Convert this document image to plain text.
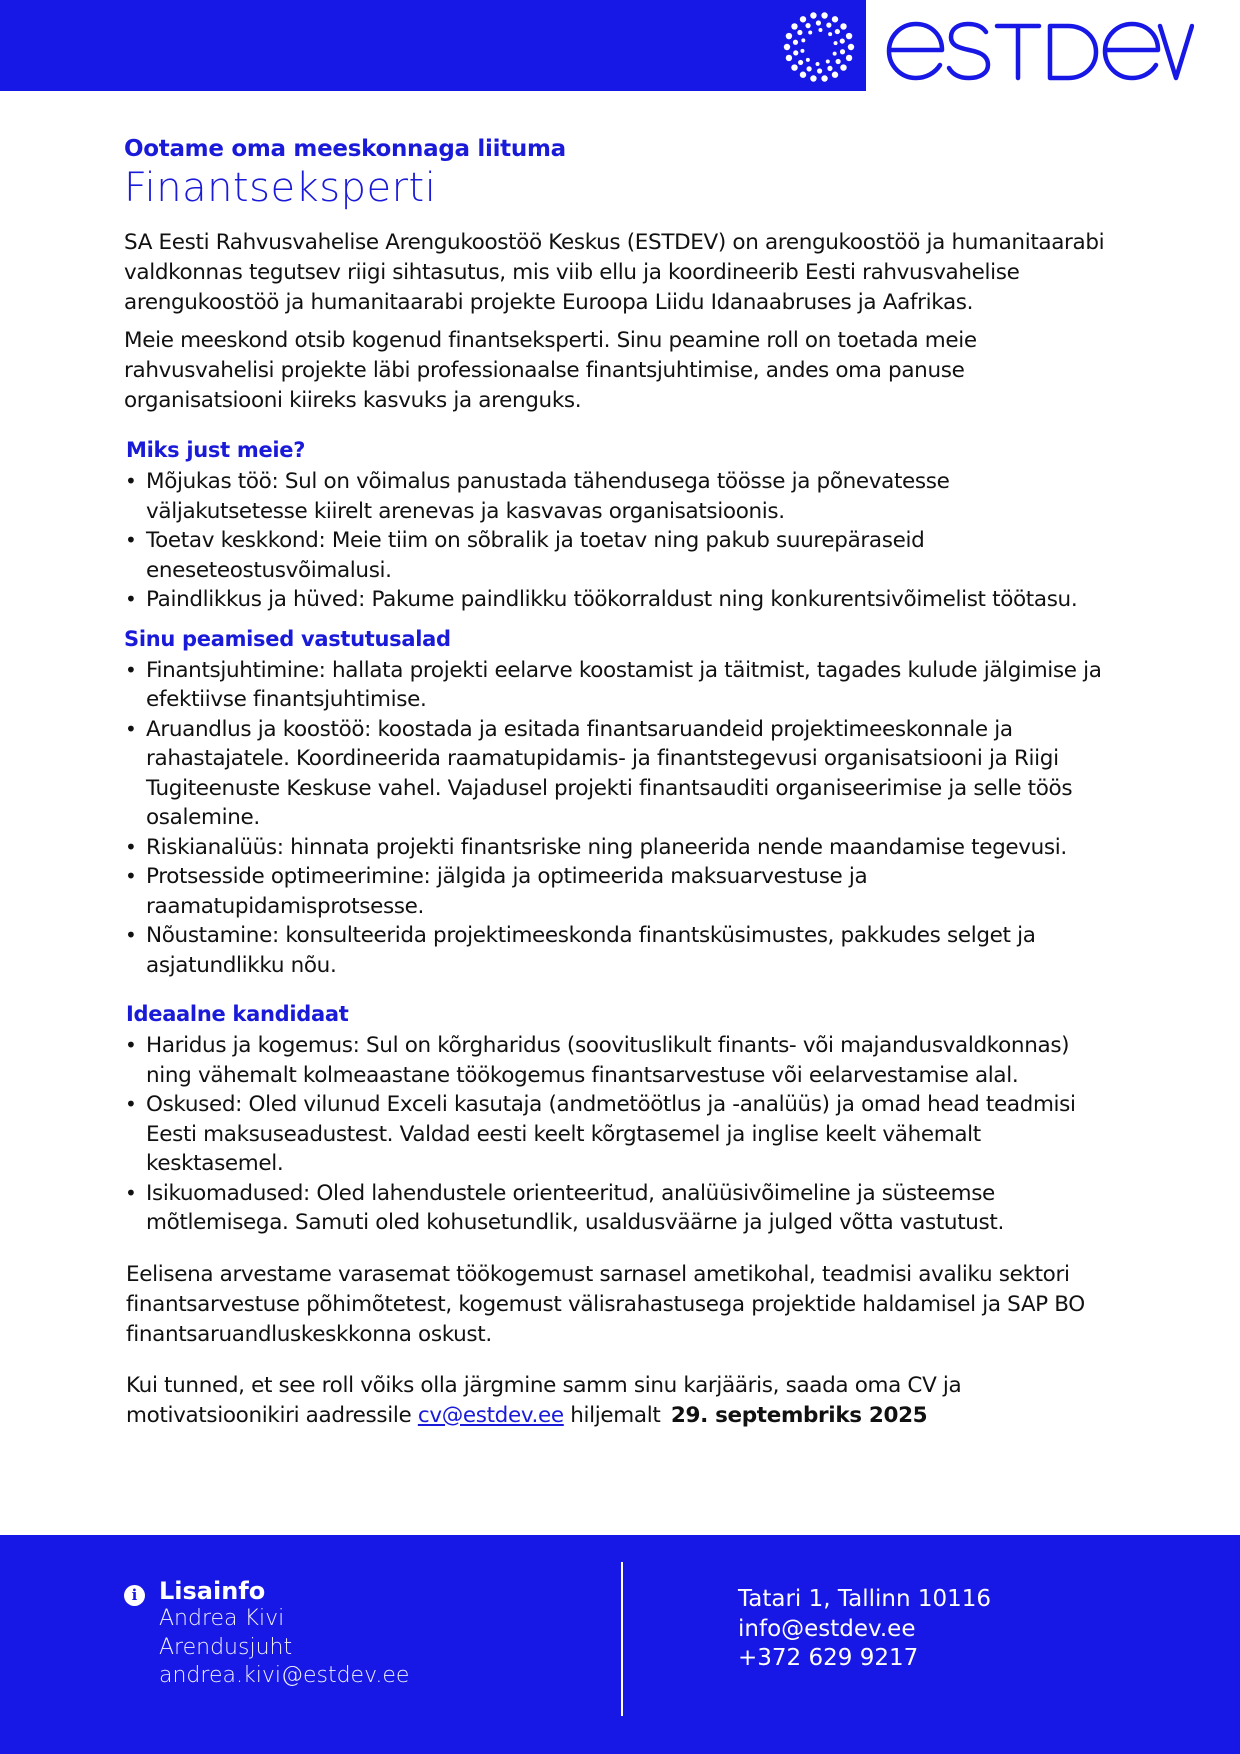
Ootame oma meeskonnaga liituma
Finantseksperti

SA Eesti Rahvusvahelise Arengukoostöö Keskus (ESTDEV) on arengukoostöö ja humanitaarabi valdkonnas tegutsev riigi sihtasutus, mis viib ellu ja koordineerib Eesti rahvusvahelise arengukoostöö ja humanitaarabi projekte Euroopa Liidu Idanaabruses ja Aafrikas.

Meie meeskond otsib kogenud finantseksperti. Sinu peamine roll on toetada meie rahvusvahelisi projekte läbi professionaalse finantsjuhtimise, andes oma panuse organisatsiooni kiireks kasvuks ja arenguks.

Miks just meie?
• Mõjukas töö: Sul on võimalus panustada tähendusega töösse ja põnevatesse väljakutsetesse kiirelt arenevas ja kasvavas organisatsioonis.
• Toetav keskkond: Meie tiim on sõbralik ja toetav ning pakub suurepäraseid eneseteostusvõimalusi.
• Paindlikkus ja hüved: Pakume paindlikku töökorraldust ning konkurentsivõimelist töötasu.
Sinu peamised vastutusalad
• Finantsjuhtimine: hallata projekti eelarve koostamist ja täitmist, tagades kulude jälgimise ja efektiivse finantsjuhtimise.
• Aruandlus ja koostöö: koostada ja esitada finantsaruandeid projektimeeskonnale ja rahastajatele. Koordineerida raamatupidamis- ja finantstegevusi organisatsiooni ja Riigi Tugiteenuste Keskuse vahel. Vajadusel projekti finantsauditi organiseerimise ja selle töös osalemine.
• Riskianalüüs: hinnata projekti finantsriske ning planeerida nende maandamise tegevusi.
• Protsesside optimeerimine: jälgida ja optimeerida maksuarvestuse ja raamatupidamisprotsesse.
• Nõustamine: konsulteerida projektimeeskonda finantsküsimustes, pakkudes selget ja asjatundlikku nõu.
Ideaalne kandidaat
• Haridus ja kogemus: Sul on kõrgharidus (soovituslikult finants- või majandusvaldkonnas) ning vähemalt kolmeaastane töökogemus finantsarvestuse või eelarvestamise alal.
• Oskused: Oled vilunud Exceli kasutaja (andmetöötlus ja -analüüs) ja omad head teadmisi Eesti maksuseadustest. Valdad eesti keelt kõrgtasemel ja inglise keelt vähemalt kesktasemel.
• Isikuomadused: Oled lahendustele orienteeritud, analüüsivõimeline ja süsteemse mõtlemisega. Samuti oled kohusetundlik, usaldusväärne ja julged võtta vastutust.

Eelisena arvestame varasemat töökogemust sarnasel ametikohal, teadmisi avaliku sektori finantsarvestuse põhimõtetest, kogemust välisrahastusega projektide haldamisel ja SAP BO finantsaruandluskeskkonna oskust.

Kui tunned, et see roll võiks olla järgmine samm sinu karjääris, saada oma CV ja motivatsioonikiri aadressile cv@estdev.ee hiljemalt 29. septembriks 2025

i Lisainfo
Andrea Kivi
Arendusjuht
andrea.kivi@estdev.ee
Tatari 1, Tallinn 10116
info@estdev.ee
+372 629 9217
